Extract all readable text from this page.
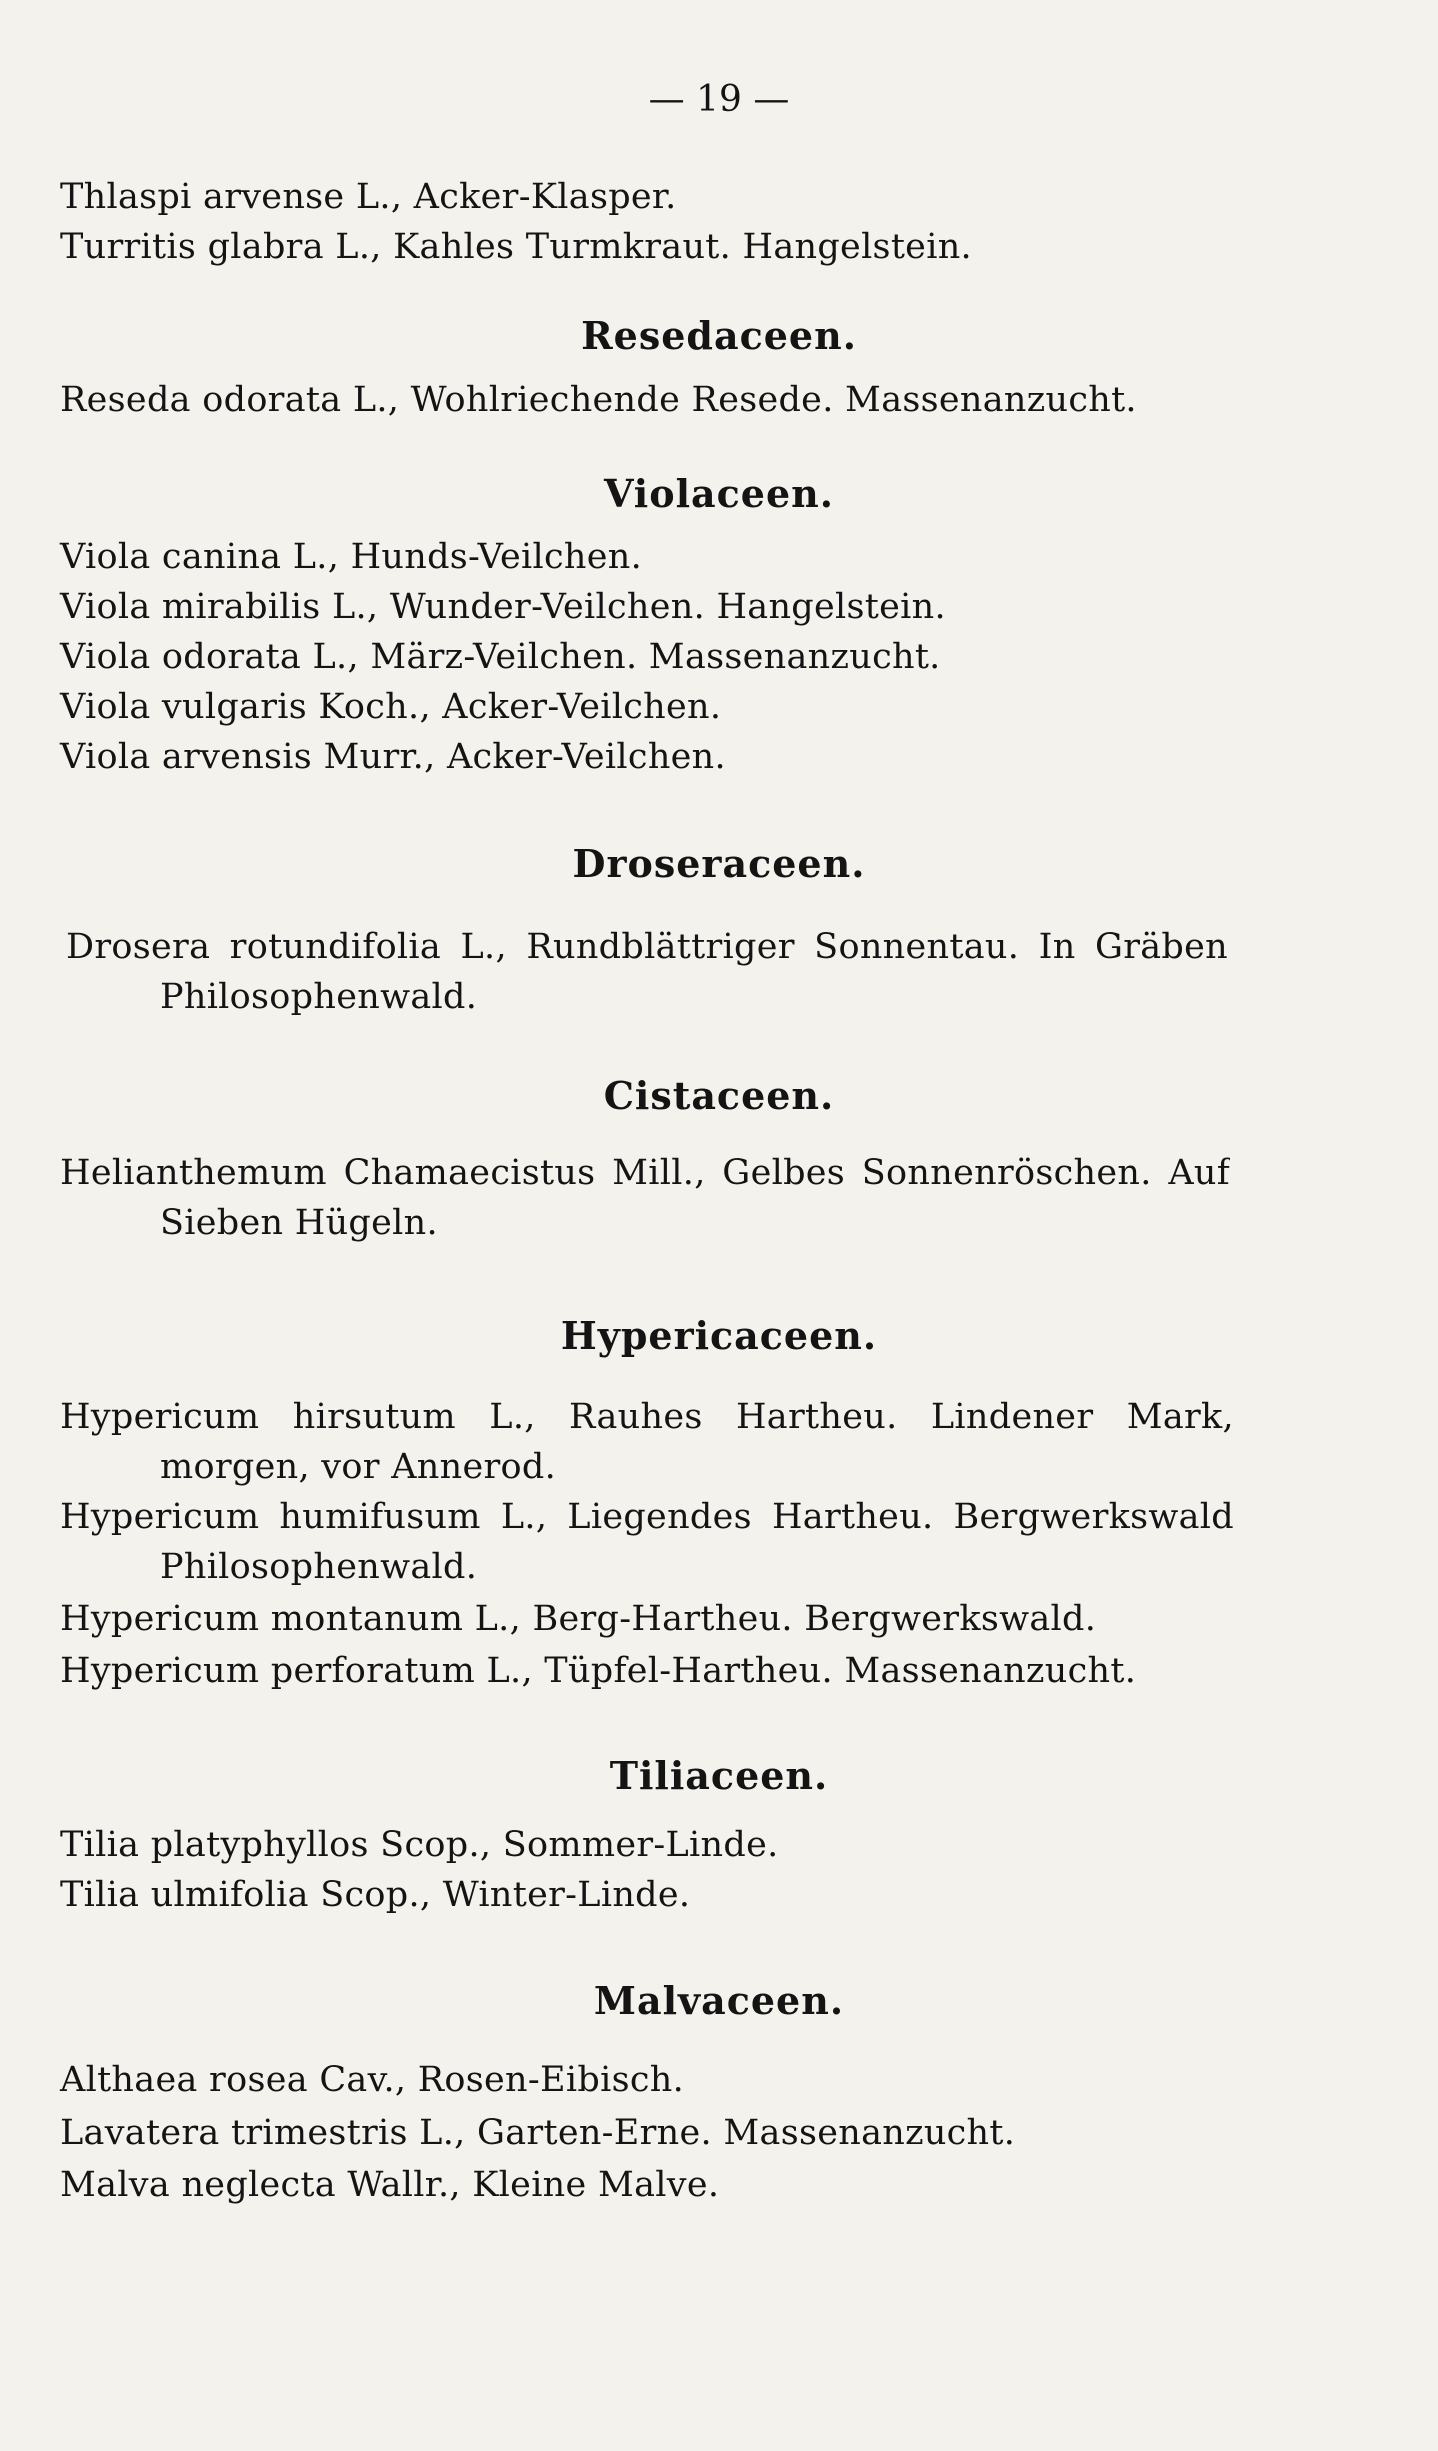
— 19 —
Thlaspi arvense L., Acker-Klasper.
Turritis glabra L., Kahles Turmkraut. Hangelstein.
Resedaceen.
Reseda odorata L., Wohlriechende Resede. Massenanzucht.
Violaceen.
Viola canina L., Hunds-Veilchen.
Viola mirabilis L., Wunder-Veilchen. Hangelstein.
Viola odorata L., März-Veilchen. Massenanzucht.
Viola vulgaris Koch., Acker-Veilchen.
Viola arvensis Murr., Acker-Veilchen.
Droseraceen.
Drosera rotundifolia L., Rundblättriger Sonnentau. In Gräben
Philosophenwald.
Cistaceen.
Helianthemum Chamaecistus Mill., Gelbes Sonnenröschen. Auf
Sieben Hügeln.
Hypericaceen.
Hypericum hirsutum L., Rauhes Hartheu. Lindener Mark,
morgen, vor Annerod.
Hypericum humifusum L., Liegendes Hartheu. Bergwerkswald
Philosophenwald.
Hypericum montanum L., Berg-Hartheu. Bergwerkswald.
Hypericum perforatum L., Tüpfel-Hartheu. Massenanzucht.
Tiliaceen.
Tilia platyphyllos Scop., Sommer-Linde.
Tilia ulmifolia Scop., Winter-Linde.
Malvaceen.
Althaea rosea Cav., Rosen-Eibisch.
Lavatera trimestris L., Garten-Erne. Massenanzucht.
Malva neglecta Wallr., Kleine Malve.
